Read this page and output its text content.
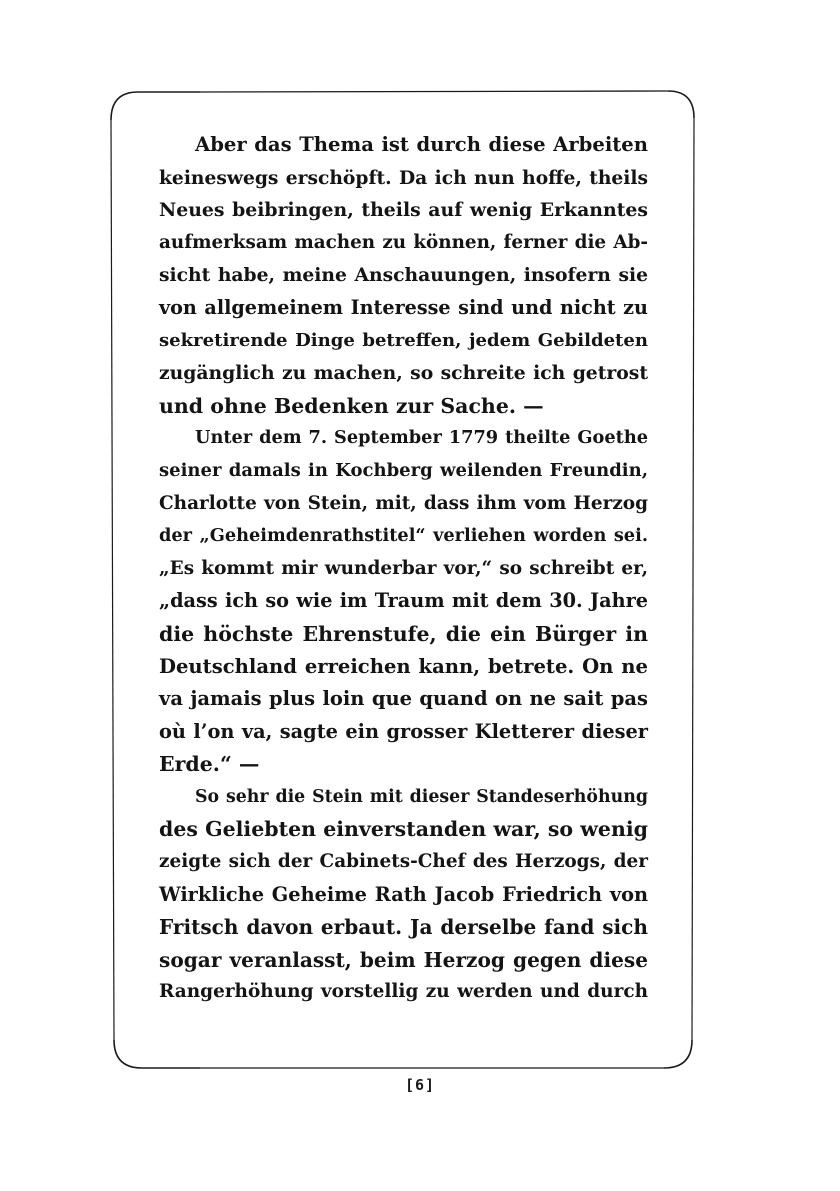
Aber das Thema ist durch diese Arbeiten
keineswegs erschöpft. Da ich nun hoffe, theils
Neues beibringen, theils auf wenig Erkanntes
aufmerksam machen zu können, ferner die Ab-
sicht habe, meine Anschauungen, insofern sie
von allgemeinem Interesse sind und nicht zu
sekretirende Dinge betreffen, jedem Gebildeten
zugänglich zu machen, so schreite ich getrost
und ohne Bedenken zur Sache. —
Unter dem 7. September 1779 theilte Goethe
seiner damals in Kochberg weilenden Freundin,
Charlotte von Stein, mit, dass ihm vom Herzog
der „Geheimdenrathstitel“ verliehen worden sei.
„Es kommt mir wunderbar vor,“ so schreibt er,
„dass ich so wie im Traum mit dem 30. Jahre
die höchste Ehrenstufe, die ein Bürger in
Deutschland erreichen kann, betrete. On ne
va jamais plus loin que quand on ne sait pas
où l’on va, sagte ein grosser Kletterer dieser
Erde.“ —
So sehr die Stein mit dieser Standeserhöhung
des Geliebten einverstanden war, so wenig
zeigte sich der Cabinets-Chef des Herzogs, der
Wirkliche Geheime Rath Jacob Friedrich von
Fritsch davon erbaut. Ja derselbe fand sich
sogar veranlasst, beim Herzog gegen diese
Rangerhöhung vorstellig zu werden und durch
[6]
